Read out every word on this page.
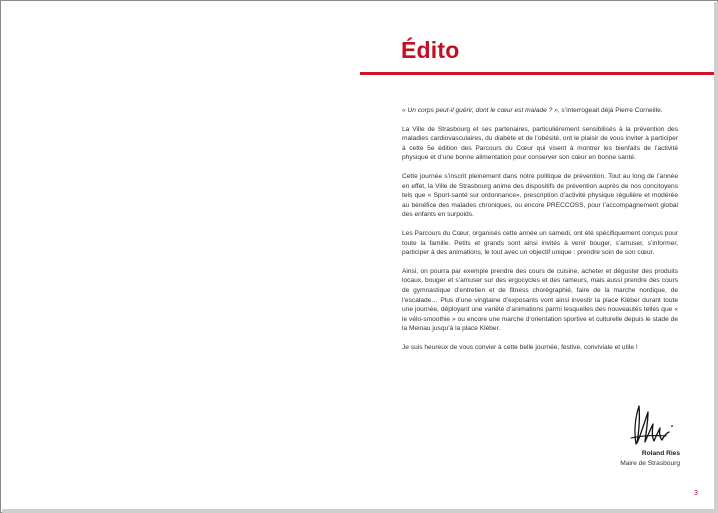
Édito

« Un corps peut-il guérir, dont le cœur est malade ? », s’interrogeait déjà Pierre Corneille.

La Ville de Strasbourg et ses partenaires, particulièrement sensibilisés à la prévention des maladies cardiovasculaires, du diabète et de l’obésité, ont le plaisir de vous inviter à participer à cette 5e édition des Parcours du Cœur qui visent à montrer les bienfaits de l’activité physique et d’une bonne alimentation pour conserver son cœur en bonne santé.

Cette journée s’inscrit pleinement dans notre politique de prévention. Tout au long de l’année en effet, la Ville de Strasbourg anime des dispositifs de prévention auprès de nos concitoyens tels que « Sport-santé sur ordonnance», prescription d’activité physique régulière et modérée au bénéfice des malades chroniques, ou encore PRECCOSS, pour l’accompagnement global des enfants en surpoids.

Les Parcours du Cœur, organisés cette année un samedi, ont été spécifiquement conçus pour toute la famille. Petits et grands sont ainsi invités à venir bouger, s’amuser, s’informer, participer à des animations, le tout avec un objectif unique : prendre soin de son cœur.

Ainsi, on pourra par exemple prendre des cours de cuisine, acheter et déguster des produits locaux, bouger et s’amuser sur des ergocycles et des rameurs, mais aussi prendre des cours de gymnastique d’entretien et de fitness chorégraphié, faire de la marche nordique, de l’escalade… Plus d’une vingtaine d’exposants vont ainsi investir la place Kléber durant toute une journée, déployant une variété d’animations parmi lesquelles des nouveautés telles que « le vélo-smoothie » ou encore une marche d’orientation sportive et culturelle depuis le stade de la Meinau jusqu’à la place Kléber.

Je suis heureux de vous convier à cette belle journée, festive, conviviale et utile !

Roland Ries
Maire de Strasbourg
3
